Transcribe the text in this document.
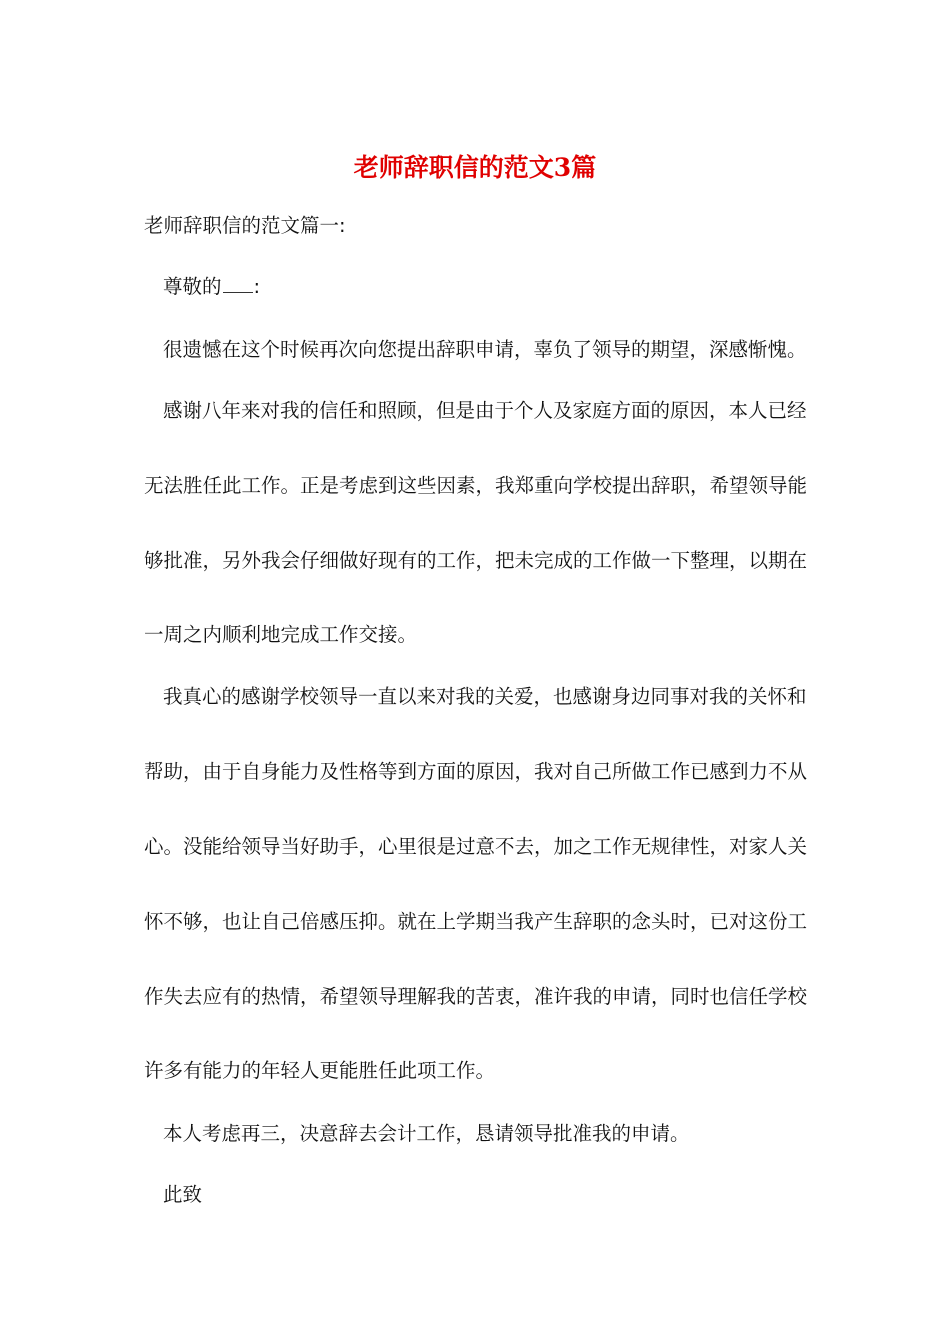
老师辞职信的范文3篇
老师辞职信的范文篇一:
尊敬的 :
很遗憾在这个时候再次向您提出辞职申请，辜负了领导的期望，深感惭愧。
感谢八年来对我的信任和照顾，但是由于个人及家庭方面的原因，本人已经
无法胜任此工作。正是考虑到这些因素，我郑重向学校提出辞职，希望领导能
够批准，另外我会仔细做好现有的工作，把未完成的工作做一下整理，以期在
一周之内顺利地完成工作交接。
我真心的感谢学校领导一直以来对我的关爱，也感谢身边同事对我的关怀和
帮助，由于自身能力及性格等到方面的原因，我对自己所做工作已感到力不从
心。没能给领导当好助手，心里很是过意不去，加之工作无规律性，对家人关
怀不够，也让自己倍感压抑。就在上学期当我产生辞职的念头时，已对这份工
作失去应有的热情，希望领导理解我的苦衷，准许我的申请，同时也信任学校
许多有能力的年轻人更能胜任此项工作。
本人考虑再三，决意辞去会计工作，恳请领导批准我的申请。
此致
